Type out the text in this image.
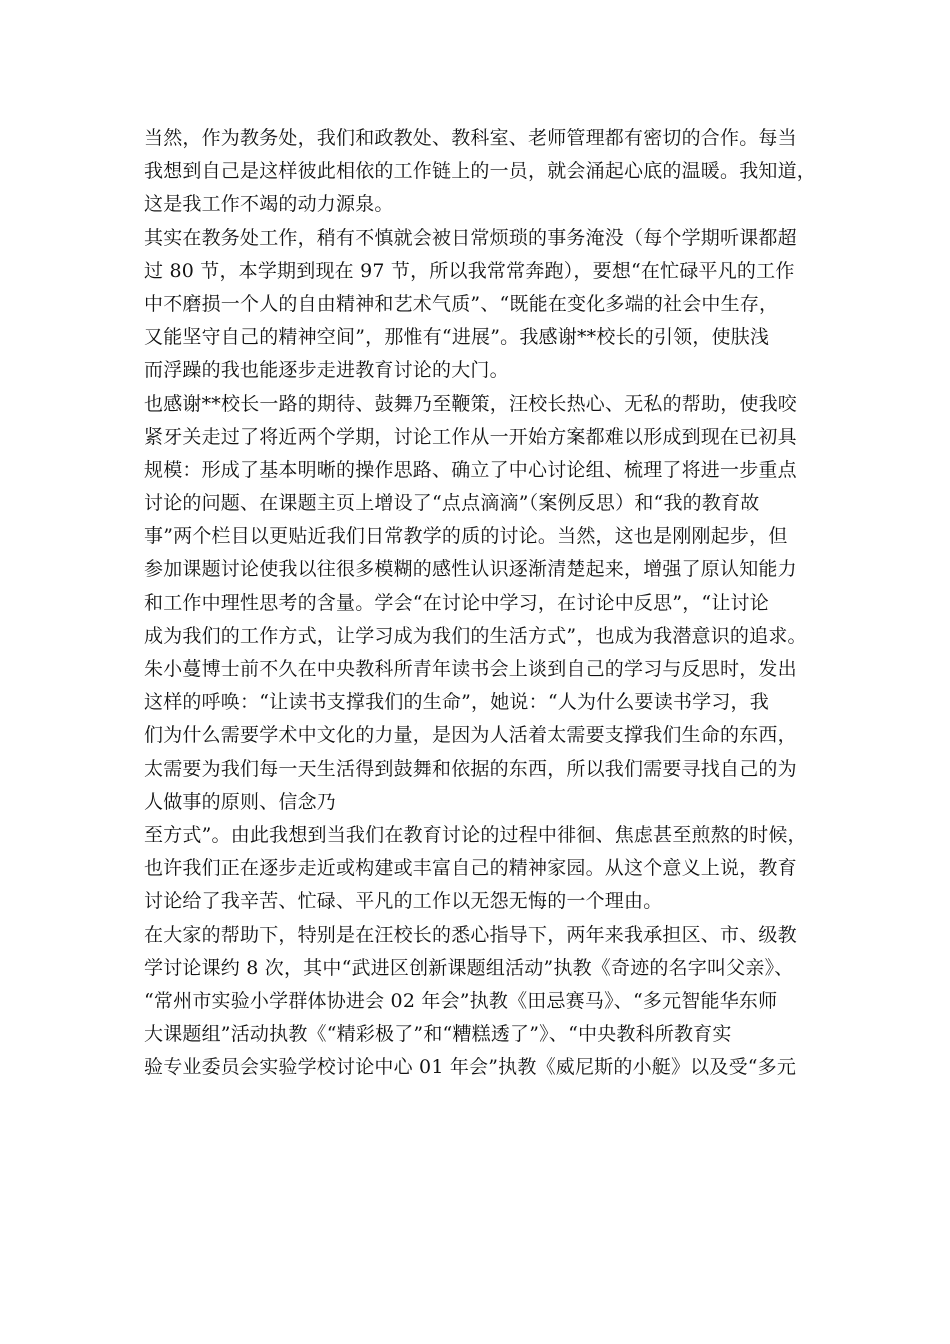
当然，作为教务处，我们和政教处、教科室、老师管理都有密切的合作。每当
我想到自己是这样彼此相依的工作链上的一员，就会涌起心底的温暖。我知道，
这是我工作不竭的动力源泉。
其实在教务处工作，稍有不慎就会被日常烦琐的事务淹没（每个学期听课都超
过 80 节，本学期到现在 97 节，所以我常常奔跑），要想“在忙碌平凡的工作
中不磨损一个人的自由精神和艺术气质”、“既能在变化多端的社会中生存，
又能坚守自己的精神空间”，那惟有“进展”。我感谢**校长的引领，使肤浅
而浮躁的我也能逐步走进教育讨论的大门。
也感谢**校长一路的期待、鼓舞乃至鞭策，汪校长热心、无私的帮助，使我咬
紧牙关走过了将近两个学期，讨论工作从一开始方案都难以形成到现在已初具
规模：形成了基本明晰的操作思路、确立了中心讨论组、梳理了将进一步重点
讨论的问题、在课题主页上增设了“点点滴滴”（案例反思）和“我的教育故
事”两个栏目以更贴近我们日常教学的质的讨论。当然，这也是刚刚起步，但
参加课题讨论使我以往很多模糊的感性认识逐渐清楚起来，增强了原认知能力
和工作中理性思考的含量。学会“在讨论中学习，在讨论中反思”，“让讨论
成为我们的工作方式，让学习成为我们的生活方式”，也成为我潜意识的追求。
朱小蔓博士前不久在中央教科所青年读书会上谈到自己的学习与反思时，发出
这样的呼唤：“让读书支撑我们的生命”，她说：“人为什么要读书学习，我
们为什么需要学术中文化的力量，是因为人活着太需要支撑我们生命的东西，
太需要为我们每一天生活得到鼓舞和依据的东西，所以我们需要寻找自己的为
人做事的原则、信念乃
至方式”。由此我想到当我们在教育讨论的过程中徘徊、焦虑甚至煎熬的时候，
也许我们正在逐步走近或构建或丰富自己的精神家园。从这个意义上说，教育
讨论给了我辛苦、忙碌、平凡的工作以无怨无悔的一个理由。
在大家的帮助下，特别是在汪校长的悉心指导下，两年来我承担区、市、级教
学讨论课约 8 次，其中“武进区创新课题组活动”执教《奇迹的名字叫父亲》、
“常州市实验小学群体协进会 02 年会”执教《田忌赛马》、“多元智能华东师
大课题组”活动执教《“精彩极了”和“糟糕透了”》、“中央教科所教育实
验专业委员会实验学校讨论中心 01 年会”执教《威尼斯的小艇》以及受“多元
